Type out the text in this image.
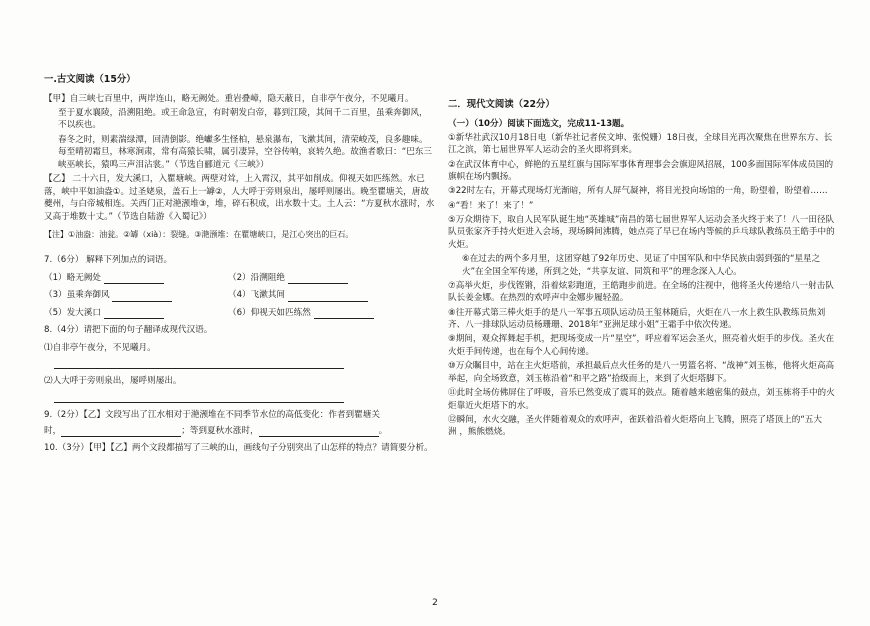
一.古文阅读（15分）

【甲】自三峡七百里中，两岸连山，略无阙处。重岩叠嶂，隐天蔽日，自非亭午夜分，不见曦月。

至于夏水襄陵，沿溯阻绝。或王命急宣，有时朝发白帝，暮到江陵，其间千二百里，虽乘奔御风，不以疾也。

春冬之时，则素湍绿潭，回清倒影。绝巘多生怪柏，悬泉瀑布，飞漱其间，清荣峻茂，良多趣味。每至晴初霜旦，林寒涧肃，常有高猿长啸，属引凄异，空谷传响，哀转久绝。故渔者歌曰：“巴东三峡巫峡长，猿鸣三声泪沾裳。”（节选自郦道元《三峡》）

【乙】 二十六日，发大溪口，入瞿塘峡。两壁对耸，上入霄汉，其平如削成。仰视天如匹练然。水已落，峡中平如油盎①。过圣姥泉，盖石上一罅②，人大呼于旁则泉出，屡呼则屡出。晚至瞿塘关，唐故夔州，与白帝城相连。关西门正对滟滪堆③，堆，碎石积成，出水数十丈。土人云：“方夏秋水涨时，水又高于堆数十丈。”（节选自陆游《入蜀记》）

【注】①油盎：油瓮。②罅（xià）：裂缝。③滟滪堆：在瞿塘峡口，是江心突出的巨石。

7.（6分） 解释下列加点的词语。

（1）略无阙处	（2）沿溯阻绝
（3）虽乘奔御风	（4）飞漱其间
（5）发大溪口	（6）仰视天如匹练然

8.（4分）请把下面的句子翻译成现代汉语。

⑴自非亭午夜分，不见曦月。

⑵人大呼于旁则泉出，屡呼则屡出。

9.（2分）【乙】文段写出了江水相对于滟滪堆在不同季节水位的高低变化：作者到瞿塘关

时，	；等到夏秋水涨时，	。

10.（3分）【甲】【乙】两个文段都描写了三峡的山，画线句子分别突出了山怎样的特点？请简要分析。

二．现代文阅读（22分）

（一）（10分）阅读下面选文，完成11-13题。

①新华社武汉10月18日电（新华社记者侯文坤、张悦姗）18日夜，全球目光再次聚焦在世界东方、长江之滨，第七届世界军人运动会的圣火即将到来。

②在武汉体育中心，鲜艳的五星红旗与国际军事体育理事会会旗迎风招展，100多面国际军体成员国的旗帜在场内飘扬。

③22时左右，开幕式现场灯光渐暗，所有人屏气凝神，将目光投向场馆的一角，盼望着，盼望着……

④“看！来了！来了！”

⑤万众期待下，取自人民军队诞生地“英雄城”南昌的第七届世界军人运动会圣火终于来了！八一田径队队员张家齐手持火炬进入会场，现场瞬间沸腾，她点亮了早已在场内等候的乒乓球队教练员王皓手中的火炬。

⑥在过去的两个多月里，这团穿越了92年历史、见证了中国军队和中华民族由弱到强的“星星之火”在全国全军传递，所到之处，“共享友谊、同筑和平”的理念深入人心。

⑦高举火炬，步伐铿锵，沿着炫彩跑道，王皓跑步前进。在全场的注视中，他将圣火传递给八一射击队队长姜金娜。在热烈的欢呼声中金娜步履轻盈。

⑧往开幕式第三棒火炬手的是八一军事五项队运动员王玺林随后，火炬在八一水上救生队教练员焦刘齐、八一排球队运动员杨珊珊、2018年“亚洲足球小姐”王霜手中依次传递。

⑨期间，观众挥舞起手机，把现场变成一片“星空”，呼应着军运会圣火，照亮着火炬手的步伐。圣火在火炬手间传递，也在每个人心间传递。

⑩万众瞩目中，站在主火炬塔前，承担最后点火任务的是八一男篮名将、“战神”刘玉栋，他将火炬高高举起，向全场致意，刘玉栋沿着“和平之路”拾级而上，来到了火炬塔脚下。

⑪此时全场仿佛屏住了呼吸，音乐已然变成了震耳的鼓点。随着越来越密集的鼓点，刘玉栋将手中的火炬靠近火炬塔下的水。

⑫瞬间，水火交融，圣火伴随着观众的欢呼声，雀跃着沿着火炬塔向上飞腾，照亮了塔顶上的“五大

洲 ，熊熊燃烧。

2
